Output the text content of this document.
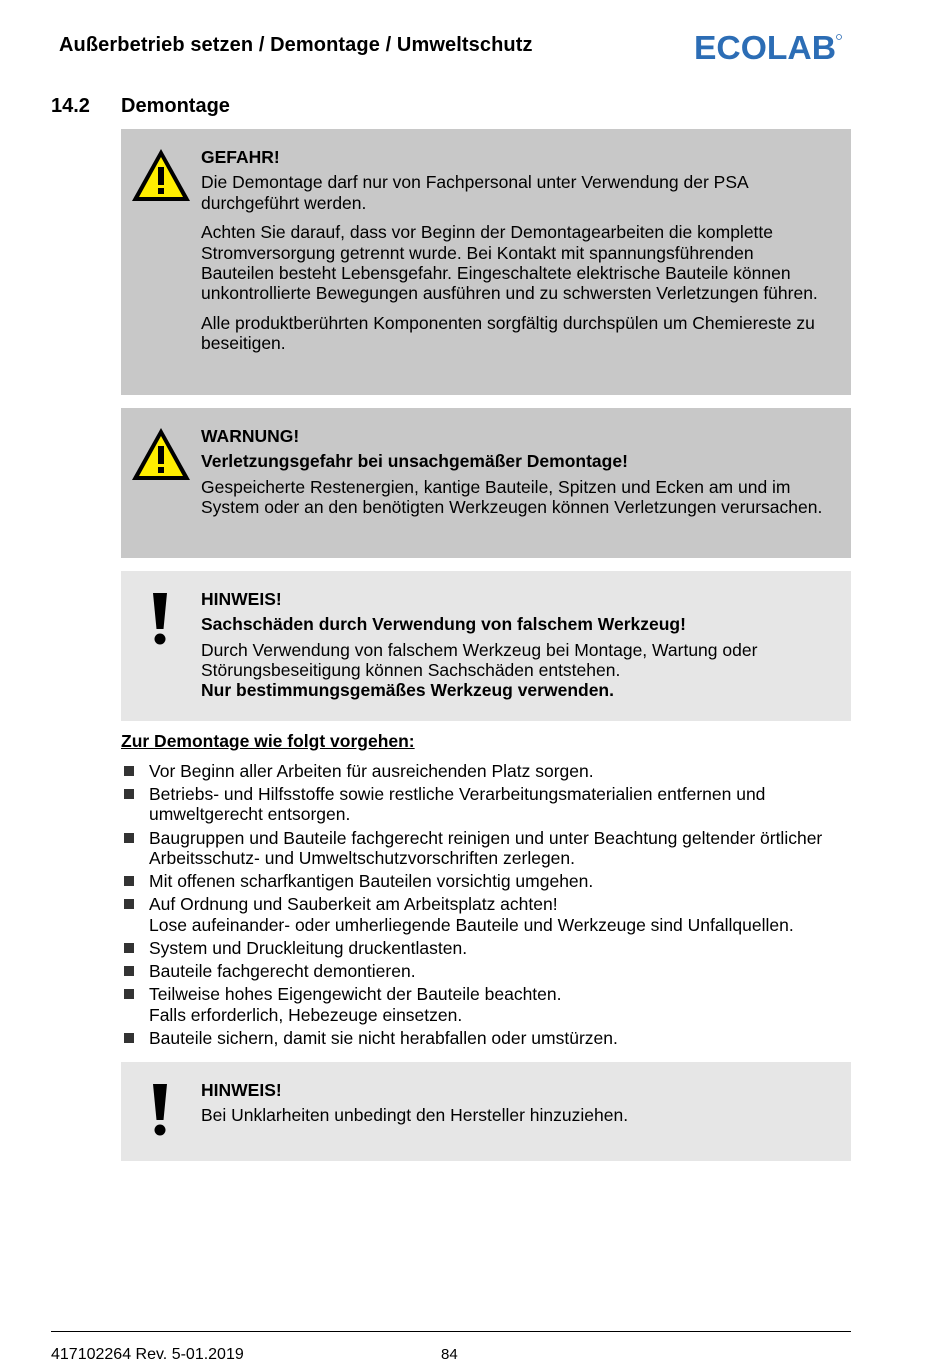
Außerbetrieb setzen / Demontage / Umweltschutz	ECOLAB
14.2 Demontage

GEFAHR!

Die Demontage darf nur von Fachpersonal unter Verwendung der PSA durchgeführt werden.

Achten Sie darauf, dass vor Beginn der Demontagearbeiten die komplette Stromversorgung getrennt wurde. Bei Kontakt mit spannungsführenden Bauteilen besteht Lebensgefahr. Eingeschaltete elektrische Bauteile können unkontrollierte Bewegungen ausführen und zu schwersten Verletzungen führen.

Alle produktberührten Komponenten sorgfältig durchspülen um Chemiereste zu beseitigen.

WARNUNG!

Verletzungsgefahr bei unsachgemäßer Demontage!

Gespeicherte Restenergien, kantige Bauteile, Spitzen und Ecken am und im System oder an den benötigten Werkzeugen können Verletzungen verursachen.

HINWEIS!

Sachschäden durch Verwendung von falschem Werkzeug!

Durch Verwendung von falschem Werkzeug bei Montage, Wartung oder Störungsbeseitigung können Sachschäden entstehen.

Nur bestimmungsgemäßes Werkzeug verwenden.

Zur Demontage wie folgt vorgehen:
Vor Beginn aller Arbeiten für ausreichenden Platz sorgen.
Betriebs- und Hilfsstoffe sowie restliche Verarbeitungsmaterialien entfernen und umweltgerecht entsorgen.
Baugruppen und Bauteile fachgerecht reinigen und unter Beachtung geltender örtlicher Arbeitsschutz- und Umweltschutzvorschriften zerlegen.
Mit offenen scharfkantigen Bauteilen vorsichtig umgehen.
Auf Ordnung und Sauberkeit am Arbeitsplatz achten!
Lose aufeinander- oder umherliegende Bauteile und Werkzeuge sind Unfallquellen.
System und Druckleitung druckentlasten.
Bauteile fachgerecht demontieren.
Teilweise hohes Eigengewicht der Bauteile beachten.
Falls erforderlich, Hebezeuge einsetzen.
Bauteile sichern, damit sie nicht herabfallen oder umstürzen.

HINWEIS!

Bei Unklarheiten unbedingt den Hersteller hinzuziehen.

417102264 Rev. 5-01.2019	84
